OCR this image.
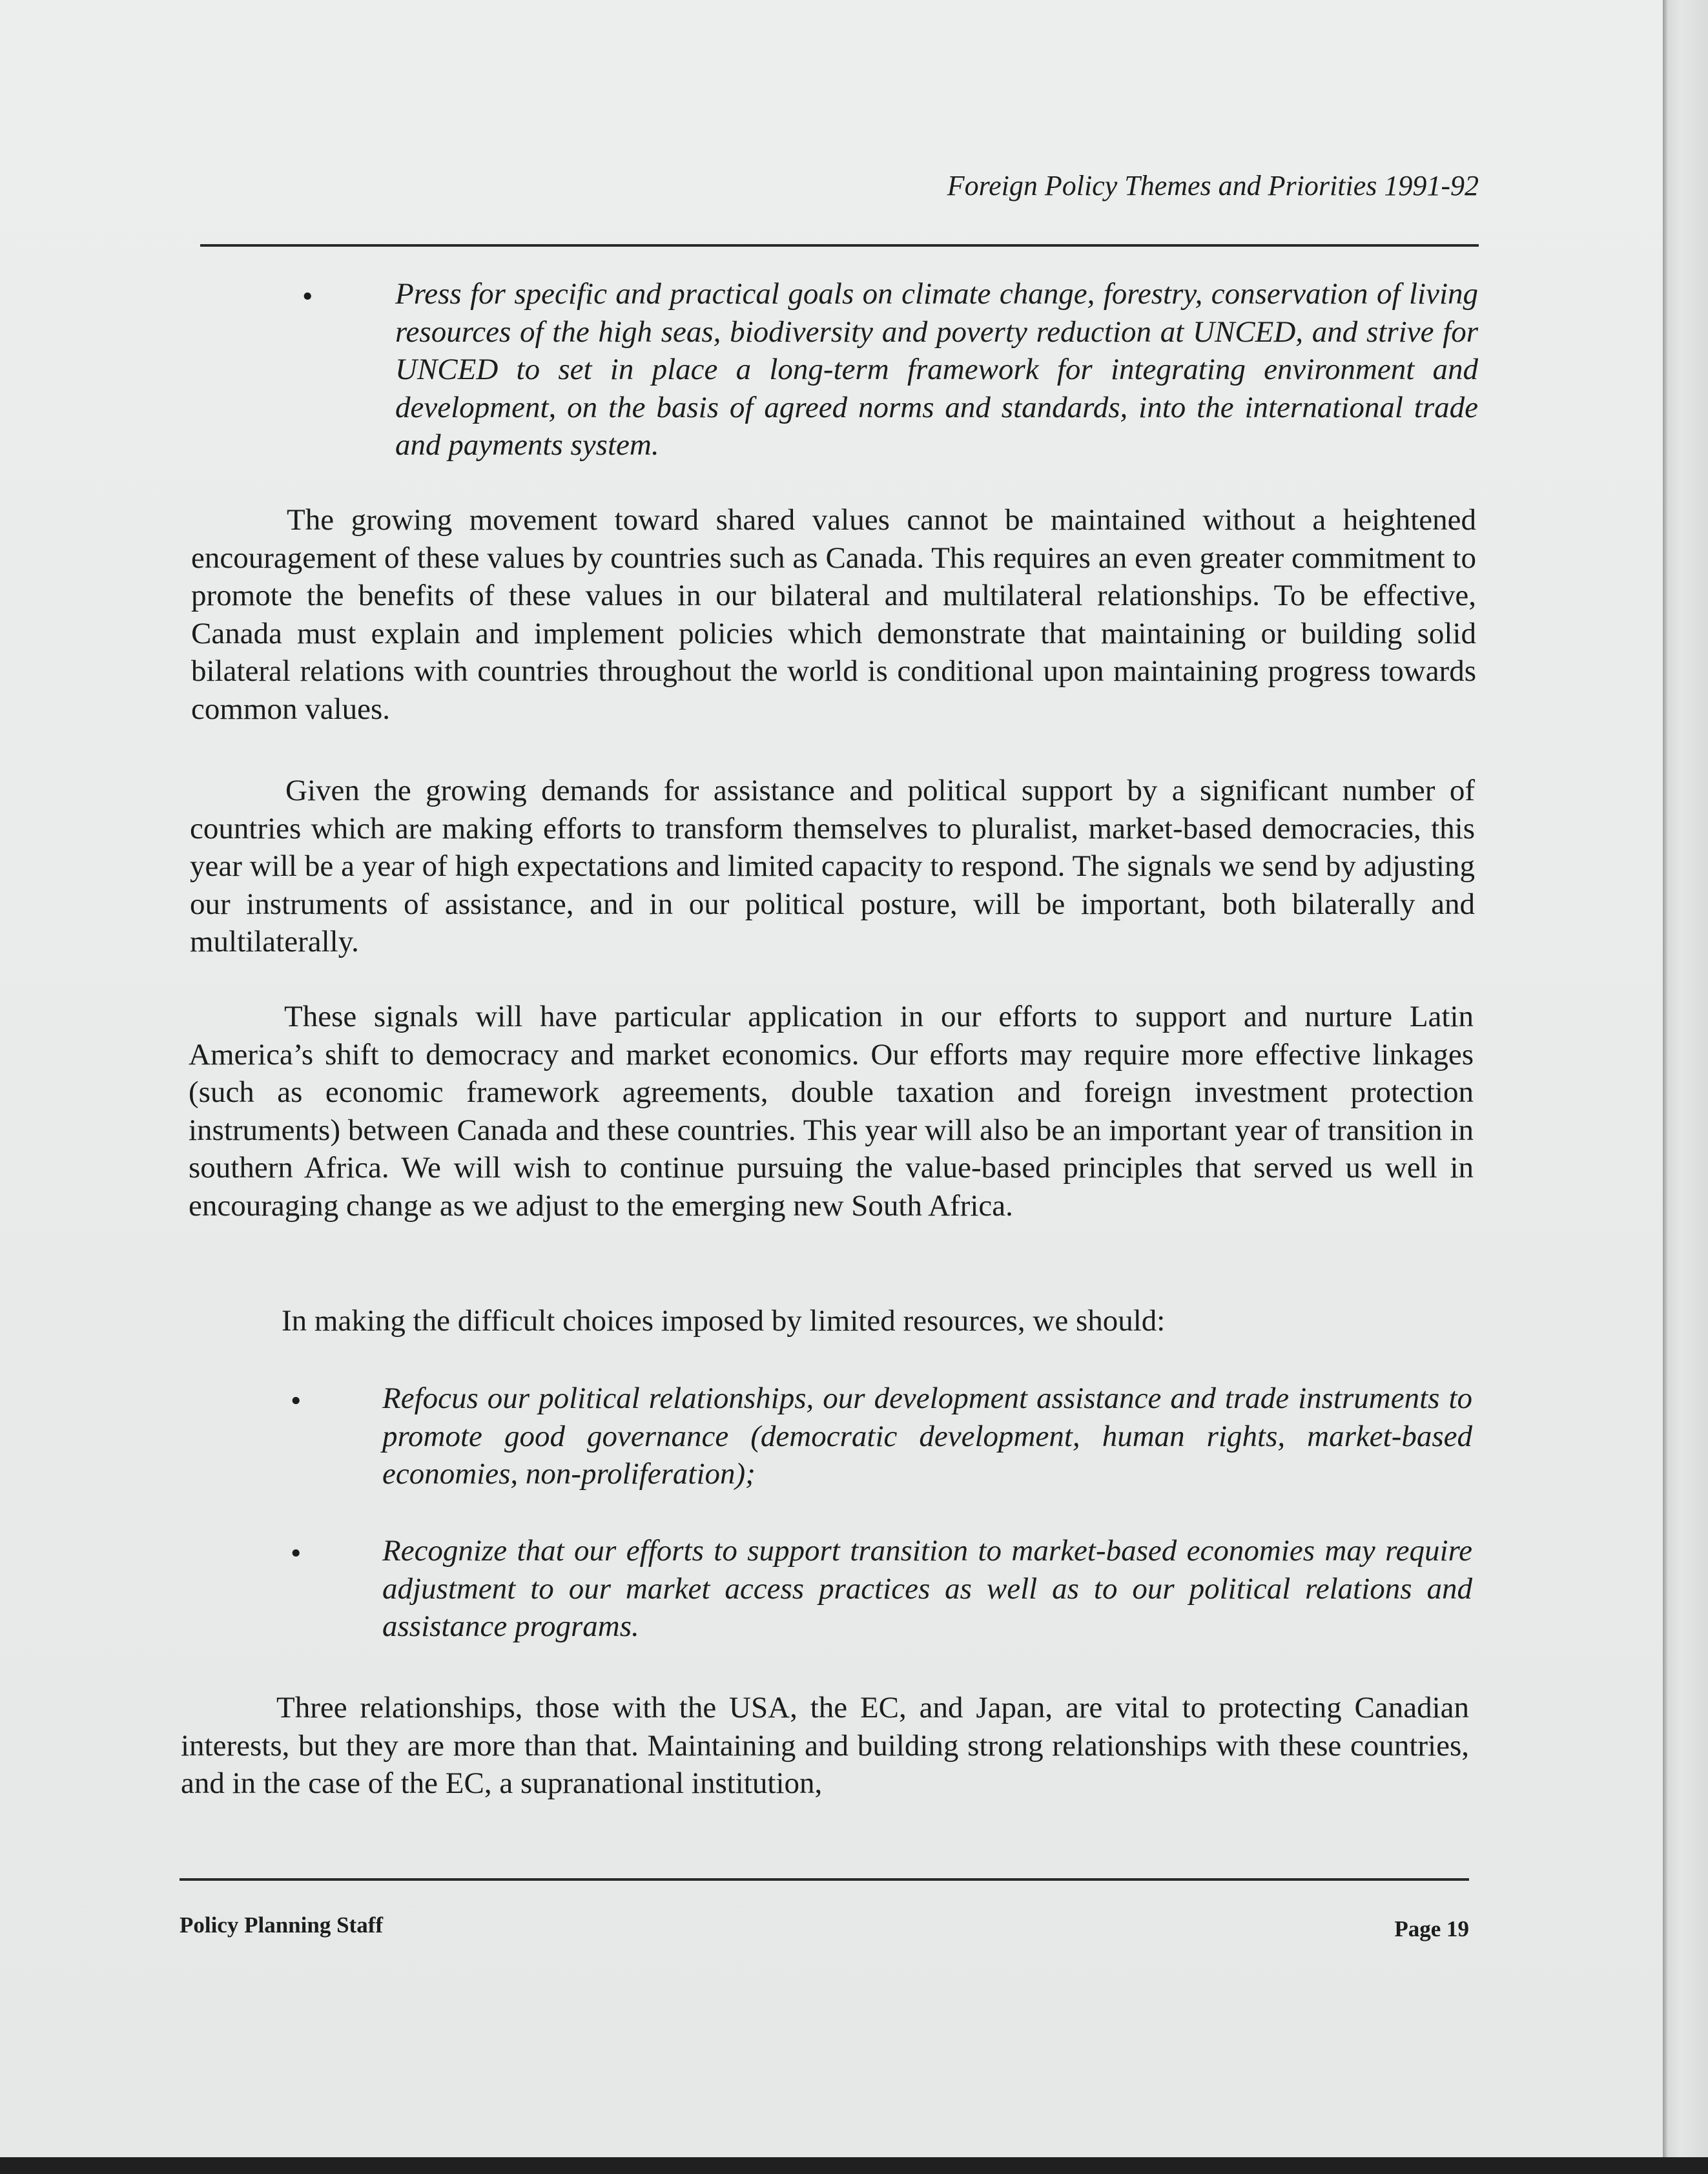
Foreign Policy Themes and Priorities 1991-92
•	Press for specific and practical goals on climate change, forestry, conservation of living resources of the high seas, biodiversity and poverty reduction at UNCED, and strive for UNCED to set in place a long-term framework for integrating environment and development, on the basis of agreed norms and standards, into the international trade and payments system.

The growing movement toward shared values cannot be maintained without a heightened encouragement of these values by countries such as Canada. This requires an even greater commitment to promote the benefits of these values in our bilateral and multilateral relationships. To be effective, Canada must explain and implement policies which demonstrate that maintaining or building solid bilateral relations with countries throughout the world is conditional upon maintaining progress towards common values.

Given the growing demands for assistance and political support by a significant number of countries which are making efforts to transform themselves to pluralist, market-based democracies, this year will be a year of high expectations and limited capacity to respond. The signals we send by adjusting our instruments of assistance, and in our political posture, will be important, both bilaterally and multilaterally.

These signals will have particular application in our efforts to support and nurture Latin America’s shift to democracy and market economics. Our efforts may require more effective linkages (such as economic framework agreements, double taxation and foreign investment protection instruments) between Canada and these countries. This year will also be an important year of transition in southern Africa. We will wish to continue pursuing the value-based principles that served us well in encouraging change as we adjust to the emerging new South Africa.

In making the difficult choices imposed by limited resources, we should:

•	Refocus our political relationships, our development assistance and trade instruments to promote good governance (democratic development, human rights, market-based economies, non-proliferation);

•	Recognize that our efforts to support transition to market-based economies may require adjustment to our market access practices as well as to our political relations and assistance programs.

Three relationships, those with the USA, the EC, and Japan, are vital to protecting Canadian interests, but they are more than that. Maintaining and building strong relationships with these countries, and in the case of the EC, a supranational institution,

Policy Planning Staff	Page 19
